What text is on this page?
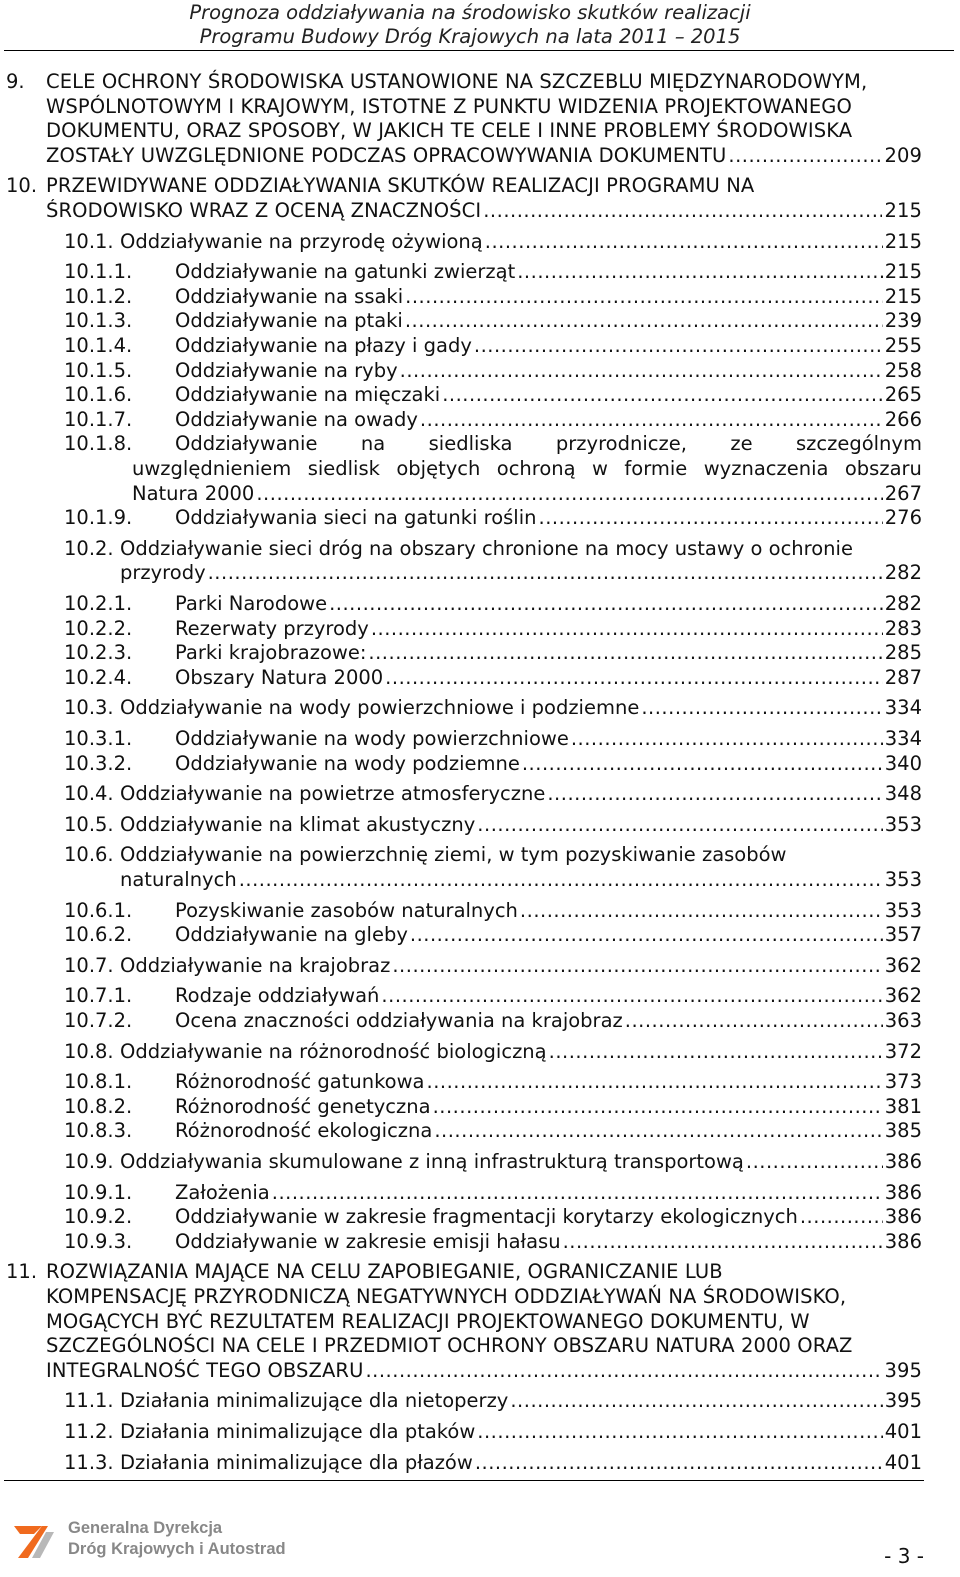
Prognoza oddziaływania na środowisko skutków realizacji
Programu Budowy Dróg Krajowych na lata 2011 – 2015
9. CELE OCHRONY ŚRODOWISKA USTANOWIONE NA SZCZEBLU MIĘDZYNARODOWYM,
WSPÓLNOTOWYM I KRAJOWYM, ISTOTNE Z PUNKTU WIDZENIA PROJEKTOWANEGO
DOKUMENTU, ORAZ SPOSOBY, W JAKICH TE CELE I INNE PROBLEMY ŚRODOWISKA
ZOSTAŁY UWZGLĘDNIONE PODCZAS OPRACOWYWANIA DOKUMENTU .....	209
10. PRZEWIDYWANE ODDZIAŁYWANIA SKUTKÓW REALIZACJI PROGRAMU NA
ŚRODOWISKO WRAZ Z OCENĄ ZNACZNOŚCI .....	215
10.1. Oddziaływanie na przyrodę ożywioną .....	215
10.1.1. Oddziaływanie na gatunki zwierząt .....	215
10.1.2. Oddziaływanie na ssaki .....	215
10.1.3. Oddziaływanie na ptaki .....	239
10.1.4. Oddziaływanie na płazy i gady .....	255
10.1.5. Oddziaływanie na ryby .....	258
10.1.6. Oddziaływanie na mięczaki .....	265
10.1.7. Oddziaływanie na owady .....	266
10.1.8. Oddziaływanie na siedliska przyrodnicze, ze szczególnym
uwzględnieniem siedlisk objętych ochroną w formie wyznaczenia obszaru
Natura 2000 .....	267
10.1.9. Oddziaływania sieci na gatunki roślin .....	276
10.2. Oddziaływanie sieci dróg na obszary chronione na mocy ustawy o ochronie
przyrody .....	282
10.2.1. Parki Narodowe .....	282
10.2.2. Rezerwaty przyrody .....	283
10.2.3. Parki krajobrazowe: .....	285
10.2.4. Obszary Natura 2000 .....	287
10.3. Oddziaływanie na wody powierzchniowe i podziemne .....	334
10.3.1. Oddziaływanie na wody powierzchniowe .....	334
10.3.2. Oddziaływanie na wody podziemne .....	340
10.4. Oddziaływanie na powietrze atmosferyczne .....	348
10.5. Oddziaływanie na klimat akustyczny .....	353
10.6. Oddziaływanie na powierzchnię ziemi, w tym pozyskiwanie zasobów
naturalnych .....	353
10.6.1. Pozyskiwanie zasobów naturalnych .....	353
10.6.2. Oddziaływanie na gleby .....	357
10.7. Oddziaływanie na krajobraz .....	362
10.7.1. Rodzaje oddziaływań .....	362
10.7.2. Ocena znaczności oddziaływania na krajobraz .....	363
10.8. Oddziaływanie na różnorodność biologiczną .....	372
10.8.1. Różnorodność gatunkowa .....	373
10.8.2. Różnorodność genetyczna .....	381
10.8.3. Różnorodność ekologiczna .....	385
10.9. Oddziaływania skumulowane z inną infrastrukturą transportową .....	386
10.9.1. Założenia .....	386
10.9.2. Oddziaływanie w zakresie fragmentacji korytarzy ekologicznych .....	386
10.9.3. Oddziaływanie w zakresie emisji hałasu .....	386
11. ROZWIĄZANIA MAJĄCE NA CELU ZAPOBIEGANIE, OGRANICZANIE LUB
KOMPENSACJĘ PRZYRODNICZĄ NEGATYWNYCH ODDZIAŁYWAŃ NA ŚRODOWISKO,
MOGĄCYCH BYĆ REZULTATEM REALIZACJI PROJEKTOWANEGO DOKUMENTU, W
SZCZEGÓLNOŚCI NA CELE I PRZEDMIOT OCHRONY OBSZARU NATURA 2000 ORAZ
INTEGRALNOŚĆ TEGO OBSZARU .....	395
11.1. Działania minimalizujące dla nietoperzy .....	395
11.2. Działania minimalizujące dla ptaków .....	401
11.3. Działania minimalizujące dla płazów .....	401
Generalna Dyrekcja
Dróg Krajowych i Autostrad	- 3 -
